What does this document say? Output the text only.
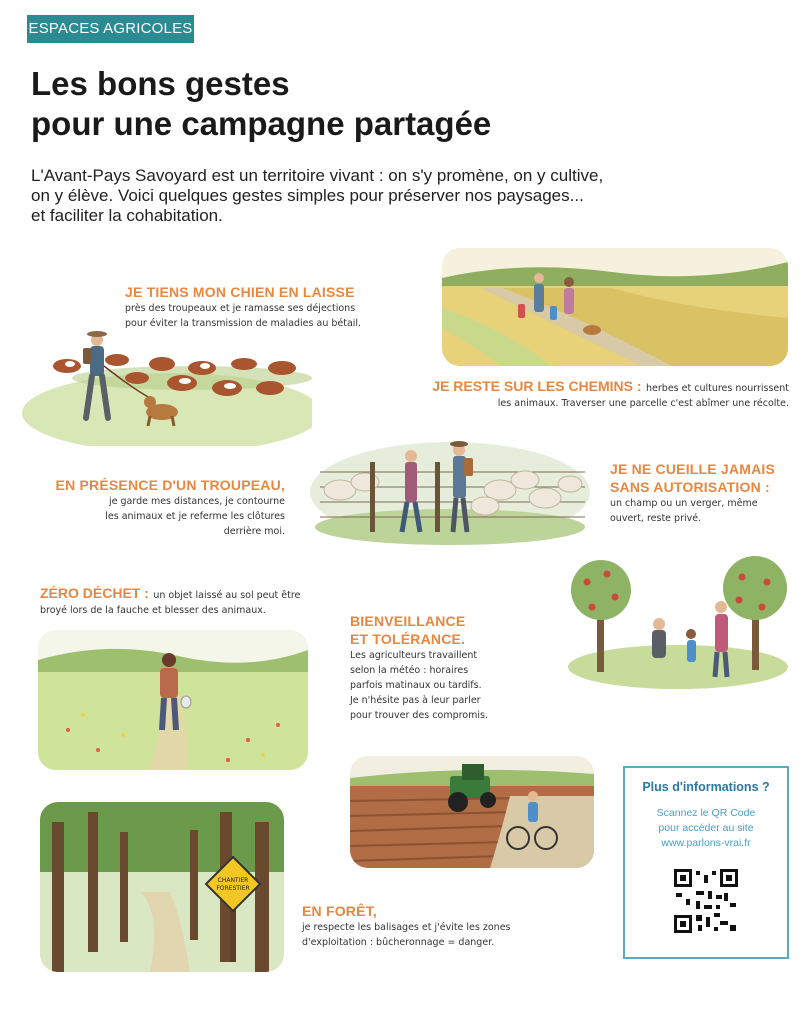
ESPACES AGRICOLES
Les bons gestes
pour une campagne partagée
L'Avant-Pays Savoyard est un territoire vivant : on s'y promène, on y cultive,
on y élève. Voici quelques gestes simples pour préserver nos paysages...
et faciliter la cohabitation.
JE TIENS MON CHIEN EN LAISSE
près des troupeaux et je ramasse ses déjections
pour éviter la transmission de maladies au bétail.
JE RESTE SUR LES CHEMINS : herbes et cultures nourrissent
les animaux. Traverser une parcelle c'est abîmer une récolte.
EN PRÉSENCE D'UN TROUPEAU,
je garde mes distances, je contourne
les animaux et je referme les clôtures
derrière moi.
JE NE CUEILLE JAMAIS
SANS AUTORISATION :
un champ ou un verger, même
ouvert, reste privé.
ZÉRO DÉCHET : un objet laissé au sol peut être
broyé lors de la fauche et blesser des animaux.
BIENVEILLANCE
ET TOLÉRANCE.
Les agriculteurs travaillent
selon la météo : horaires
parfois matinaux ou tardifs.
Je n'hésite pas à leur parler
pour trouver des compromis.
CHANTIER
FORESTIER
EN FORÊT,
je respecte les balisages et j'évite les zones
d'exploitation : bûcheronnage = danger.
Plus d'informations ?
Scannez le QR Code
pour accéder au site
www.parlons-vrai.fr
